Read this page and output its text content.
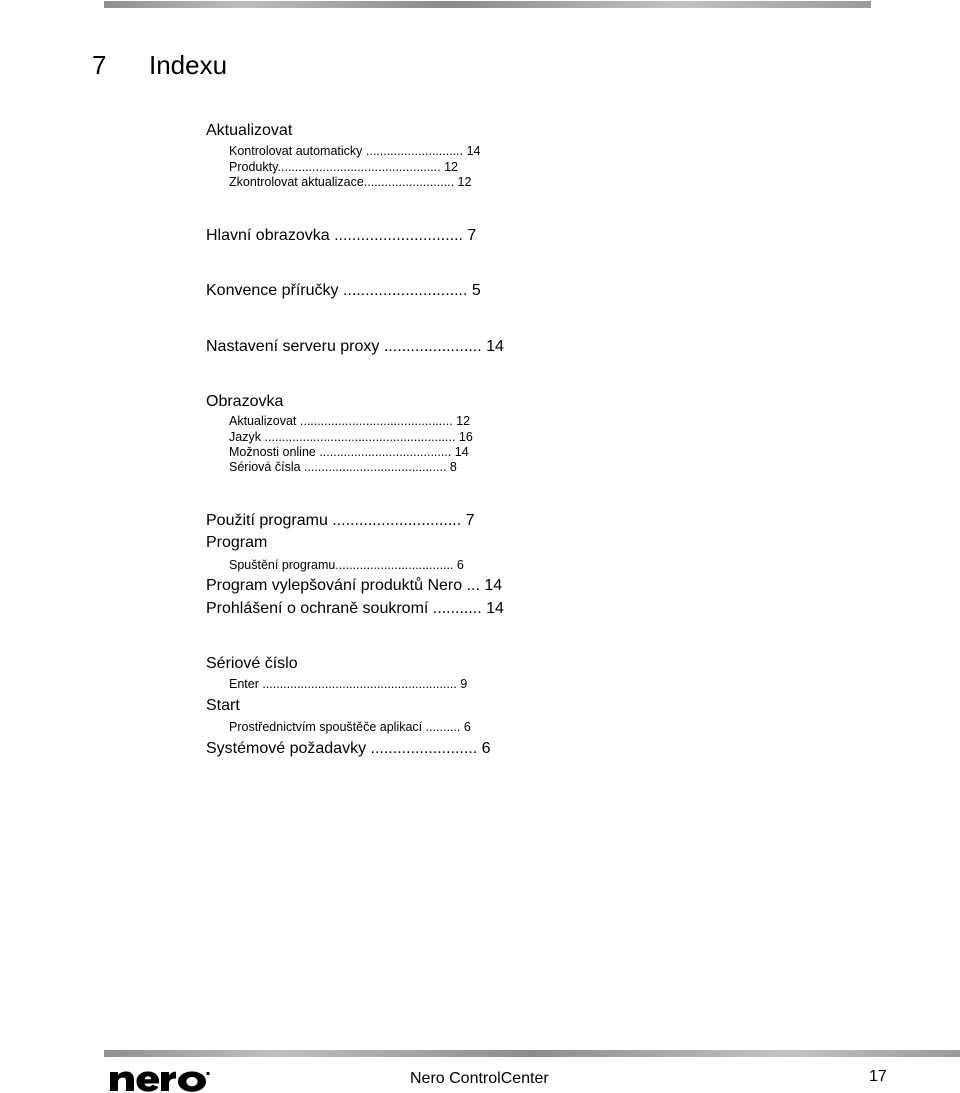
7 Indexu
Aktualizovat
Kontrolovat automaticky ............................ 14
Produkty............................................... 12
Zkontrolovat aktualizace.......................... 12
Hlavní obrazovka ............................. 7
Konvence příručky ............................ 5
Nastavení serveru proxy ...................... 14
Obrazovka
Aktualizovat ............................................ 12
Jazyk ....................................................... 16
Možnosti online ...................................... 14
Sériová čísla ......................................... 8
Použití programu ............................. 7
Program
Spuštění programu.................................. 6
Program vylepšování produktů Nero ... 14
Prohlášení o ochraně soukromí ........... 14
Sériové číslo
Enter ........................................................ 9
Start
Prostřednictvím spouštěče aplikací .......... 6
Systémové požadavky ........................ 6
Nero ControlCenter	17
